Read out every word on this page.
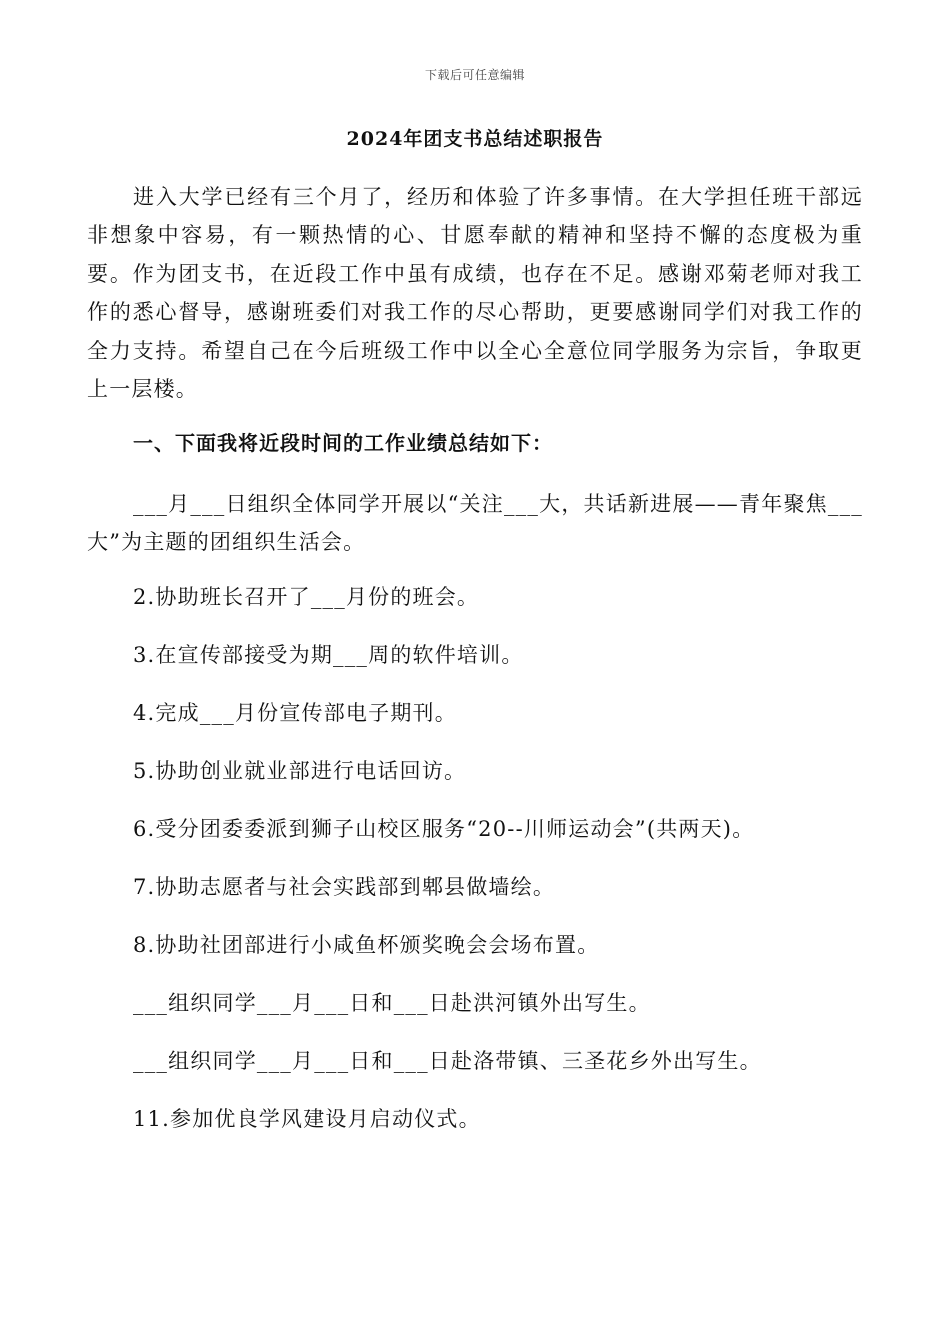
下载后可任意编辑
2024年团支书总结述职报告

进入大学已经有三个月了，经历和体验了许多事情。在大学担任班干部远非想象中容易，有一颗热情的心、甘愿奉献的精神和坚持不懈的态度极为重要。作为团支书，在近段工作中虽有成绩，也存在不足。感谢邓菊老师对我工作的悉心督导，感谢班委们对我工作的尽心帮助，更要感谢同学们对我工作的全力支持。希望自己在今后班级工作中以全心全意位同学服务为宗旨，争取更上一层楼。

一、下面我将近段时间的工作业绩总结如下：

___月___日组织全体同学开展以“关注___大，共话新进展——青年聚焦___大”为主题的团组织生活会。

2.协助班长召开了___月份的班会。

3.在宣传部接受为期___周的软件培训。

4.完成___月份宣传部电子期刊。

5.协助创业就业部进行电话回访。

6.受分团委委派到狮子山校区服务“20--川师运动会”(共两天)。

7.协助志愿者与社会实践部到郫县做墙绘。

8.协助社团部进行小咸鱼杯颁奖晚会会场布置。

___组织同学___月___日和___日赴洪河镇外出写生。

___组织同学___月___日和___日赴洛带镇、三圣花乡外出写生。

11.参加优良学风建设月启动仪式。
